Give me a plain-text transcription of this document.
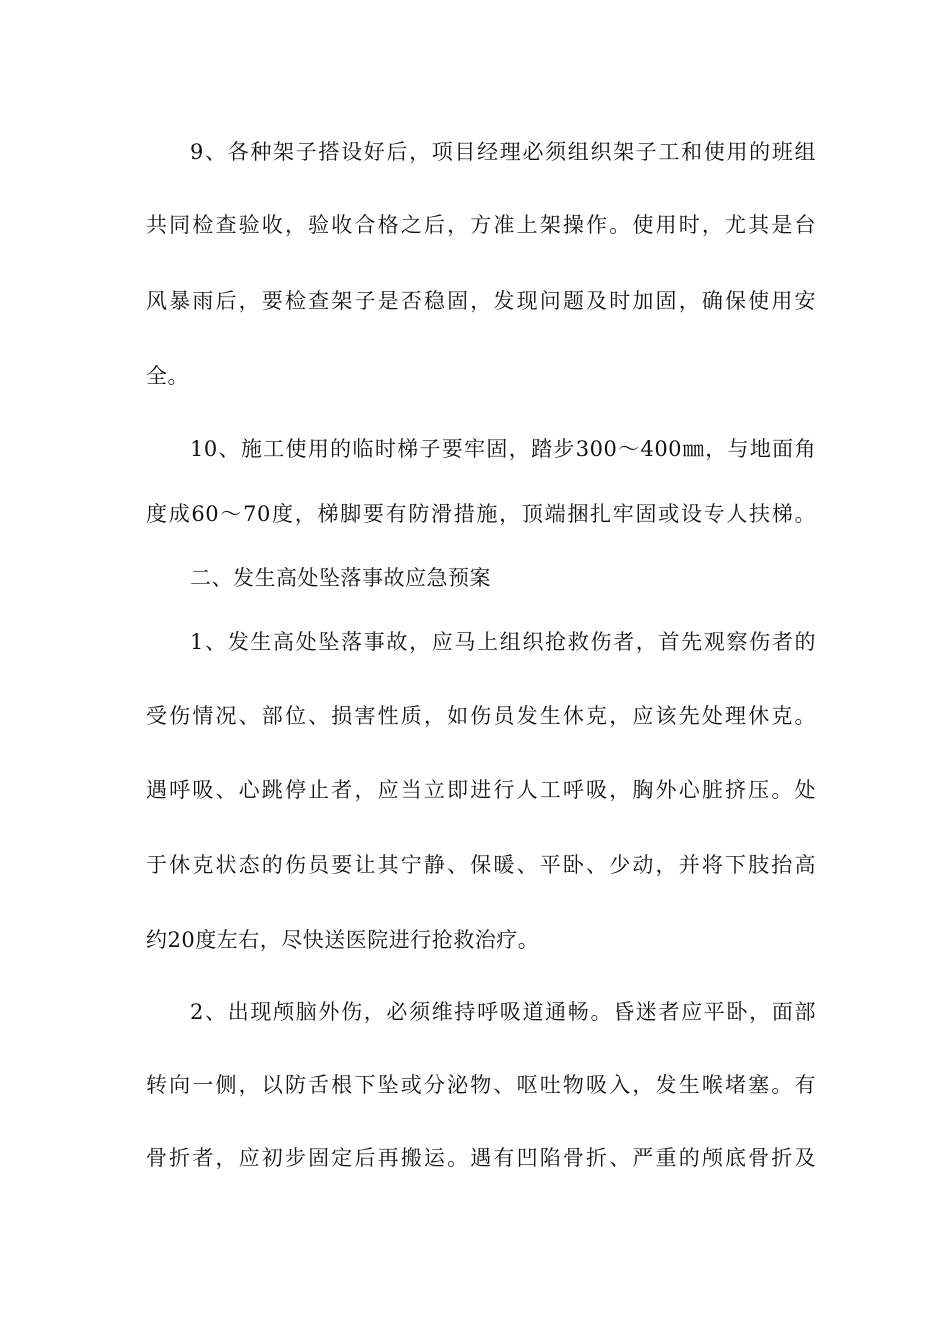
9、各种架子搭设好后，项目经理必须组织架子工和使用的班组
共同检查验收，验收合格之后，方准上架操作。使用时，尤其是台
风暴雨后，要检查架子是否稳固，发现问题及时加固，确保使用安
全。
10、施工使用的临时梯子要牢固，踏步300～400㎜，与地面角
度成60～70度，梯脚要有防滑措施，顶端捆扎牢固或设专人扶梯。
二、发生高处坠落事故应急预案
1、发生高处坠落事故，应马上组织抢救伤者，首先观察伤者的
受伤情况、部位、损害性质，如伤员发生休克，应该先处理休克。
遇呼吸、心跳停止者，应当立即进行人工呼吸，胸外心脏挤压。处
于休克状态的伤员要让其宁静、保暖、平卧、少动，并将下肢抬高
约20度左右，尽快送医院进行抢救治疗。
2、出现颅脑外伤，必须维持呼吸道通畅。昏迷者应平卧，面部
转向一侧，以防舌根下坠或分泌物、呕吐物吸入，发生喉堵塞。有
骨折者，应初步固定后再搬运。遇有凹陷骨折、严重的颅底骨折及
